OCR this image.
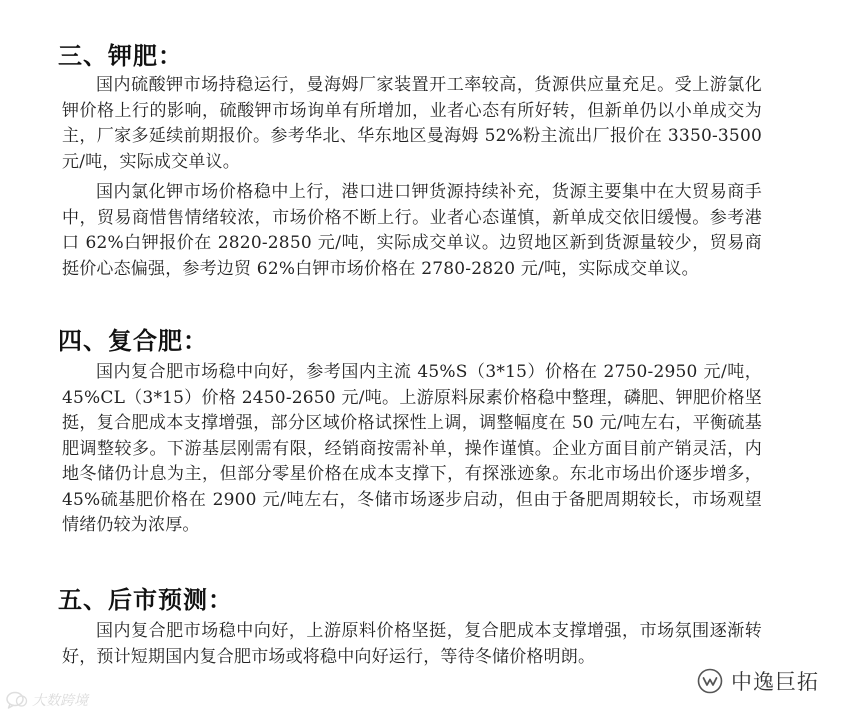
三、钾肥：

国内硫酸钾市场持稳运行，曼海姆厂家装置开工率较高，货源供应量充足。受上游氯化钾价格上行的影响，硫酸钾市场询单有所增加，业者心态有所好转，但新单仍以小单成交为主，厂家多延续前期报价。参考华北、华东地区曼海姆 52%粉主流出厂报价在 3350-3500 元/吨，实际成交单议。

国内氯化钾市场价格稳中上行，港口进口钾货源持续补充，货源主要集中在大贸易商手中，贸易商惜售情绪较浓，市场价格不断上行。业者心态谨慎，新单成交依旧缓慢。参考港口 62%白钾报价在 2820-2850 元/吨，实际成交单议。边贸地区新到货源量较少，贸易商挺价心态偏强，参考边贸 62%白钾市场价格在 2780-2820 元/吨，实际成交单议。

四、复合肥：

国内复合肥市场稳中向好，参考国内主流 45%S（3*15）价格在 2750-2950 元/吨，45%CL（3*15）价格 2450-2650 元/吨。上游原料尿素价格稳中整理，磷肥、钾肥价格坚挺，复合肥成本支撑增强，部分区域价格试探性上调，调整幅度在 50 元/吨左右，平衡硫基肥调整较多。下游基层刚需有限，经销商按需补单，操作谨慎。企业方面目前产销灵活，内地冬储仍计息为主，但部分零星价格在成本支撑下，有探涨迹象。东北市场出价逐步增多，45%硫基肥价格在 2900 元/吨左右，冬储市场逐步启动，但由于备肥周期较长，市场观望情绪仍较为浓厚。

五、后市预测：

国内复合肥市场稳中向好，上游原料价格坚挺，复合肥成本支撑增强，市场氛围逐渐转好，预计短期国内复合肥市场或将稳中向好运行，等待冬储价格明朗。

中逸巨拓
大数跨境
